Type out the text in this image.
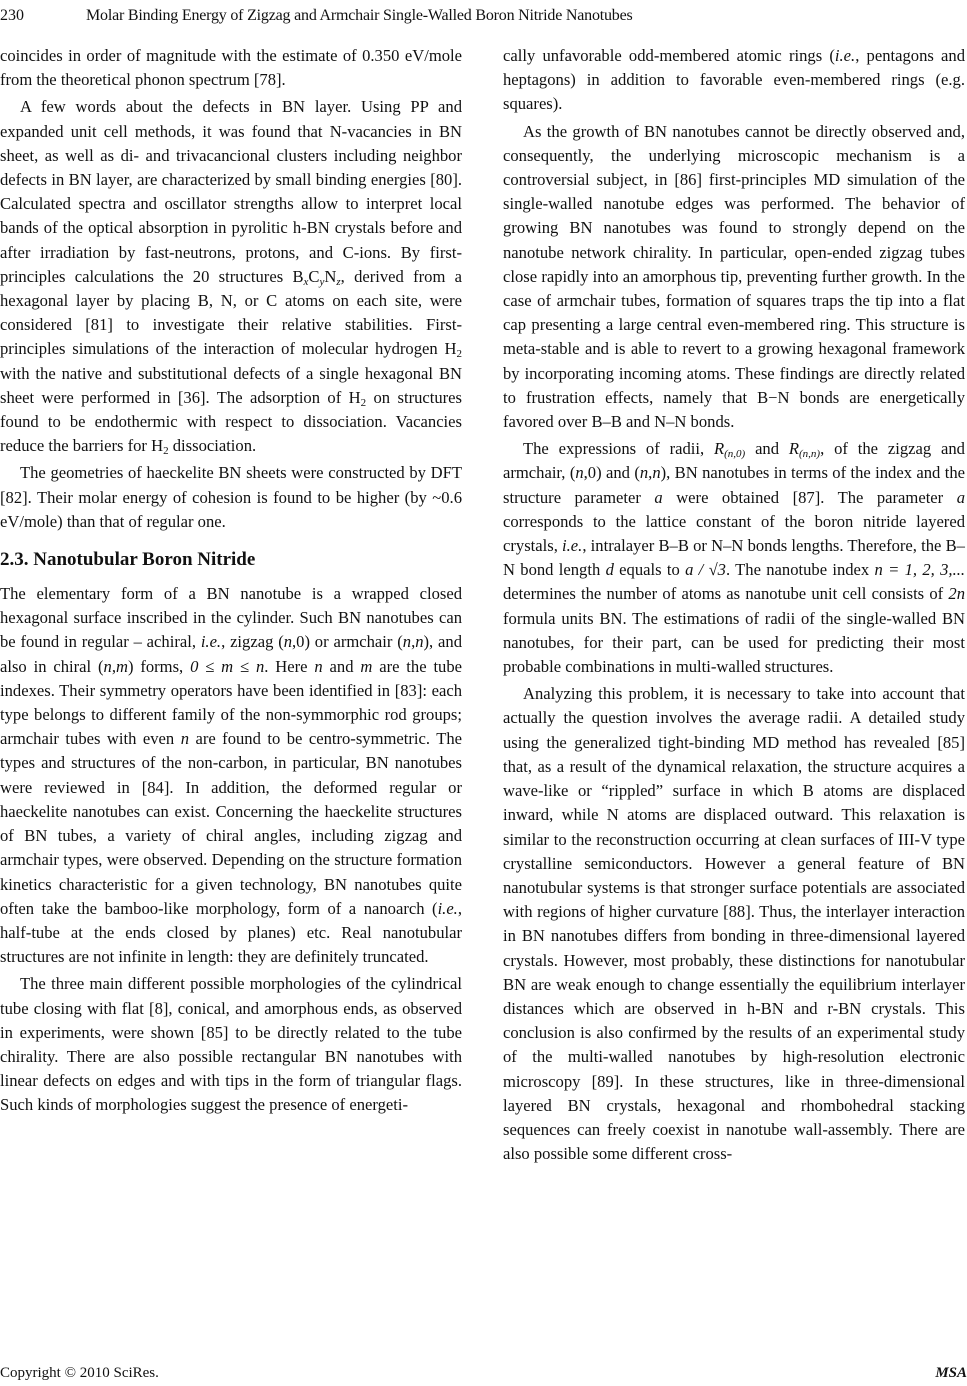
230	Molar Binding Energy of Zigzag and Armchair Single-Walled Boron Nitride Nanotubes

coincides in order of magnitude with the estimate of 0.350 eV/mole from the theoretical phonon spectrum [78].

A few words about the defects in BN layer. Using PP and expanded unit cell methods, it was found that N-vacancies in BN sheet, as well as di- and trivacancional clusters including neighbor defects in BN layer, are characterized by small binding energies [80]. Calculated spectra and oscillator strengths allow to interpret local bands of the optical absorption in pyrolitic h-BN crystals before and after irradiation by fast-neutrons, protons, and C-ions. By first-principles calculations the 20 structures $B_xC_yN_z$, derived from a hexagonal layer by placing B, N, or C atoms on each site, were considered [81] to investigate their relative stabilities. First-principles simulations of the interaction of molecular hydrogen $H_2$ with the native and substitutional defects of a single hexagonal BN sheet were performed in [36]. The adsorption of $H_2$ on structures found to be endothermic with respect to dissociation. Vacancies reduce the barriers for $H_2$ dissociation.

The geometries of haeckelite BN sheets were constructed by DFT [82]. Their molar energy of cohesion is found to be higher (by ~0.6 eV/mole) than that of regular one.

2.3. Nanotubular Boron Nitride

The elementary form of a BN nanotube is a wrapped closed hexagonal surface inscribed in the cylinder. Such BN nanotubes can be found in regular – achiral, i.e., zigzag (n,0) or armchair (n,n), and also in chiral (n,m) forms, 0 ≤ m ≤ n. Here n and m are the tube indexes. Their symmetry operators have been identified in [83]: each type belongs to different family of the non-symmorphic rod groups; armchair tubes with even n are found to be centro-symmetric. The types and structures of the non-carbon, in particular, BN nanotubes were reviewed in [84]. In addition, the deformed regular or haeckelite nanotubes can exist. Concerning the haeckelite structures of BN tubes, a variety of chiral angles, including zigzag and armchair types, were observed. Depending on the structure formation kinetics characteristic for a given technology, BN nanotubes quite often take the bamboo-like morphology, form of a nanoarch (i.e., half-tube at the ends closed by planes) etc. Real nanotubular structures are not infinite in length: they are definitely truncated.

The three main different possible morphologies of the cylindrical tube closing with flat [8], conical, and amorphous ends, as observed in experiments, were shown [85] to be directly related to the tube chirality. There are also possible rectangular BN nanotubes with linear defects on edges and with tips in the form of triangular flags. Such kinds of morphologies suggest the presence of energeti-

cally unfavorable odd-membered atomic rings (i.e., pentagons and heptagons) in addition to favorable even-membered rings (e.g. squares).

As the growth of BN nanotubes cannot be directly observed and, consequently, the underlying microscopic mechanism is a controversial subject, in [86] first-principles MD simulation of the single-walled nanotube edges was performed. The behavior of growing BN nanotubes was found to strongly depend on the nanotube network chirality. In particular, open-ended zigzag tubes close rapidly into an amorphous tip, preventing further growth. In the case of armchair tubes, formation of squares traps the tip into a flat cap presenting a large central even-membered ring. This structure is meta-stable and is able to revert to a growing hexagonal framework by incorporating incoming atoms. These findings are directly related to frustration effects, namely that B−N bonds are energetically favored over B–B and N–N bonds.

The expressions of radii, $R_{(n,0)}$ and $R_{(n,n)}$, of the zigzag and armchair, (n,0) and (n,n), BN nanotubes in terms of the index and the structure parameter a were obtained [87]. The parameter a corresponds to the lattice constant of the boron nitride layered crystals, i.e., intralayer B–B or N–N bonds lengths. Therefore, the B–N bond length d equals to a / √3. The nanotube index n = 1, 2, 3,... determines the number of atoms as nanotube unit cell consists of 2n formula units BN. The estimations of radii of the single-walled BN nanotubes, for their part, can be used for predicting their most probable combinations in multi-walled structures.

Analyzing this problem, it is necessary to take into account that actually the question involves the average radii. A detailed study using the generalized tight-binding MD method has revealed [85] that, as a result of the dynamical relaxation, the structure acquires a wave-like or “rippled” surface in which B atoms are displaced inward, while N atoms are displaced outward. This relaxation is similar to the reconstruction occurring at clean surfaces of III-V type crystalline semiconductors. However a general feature of BN nanotubular systems is that stronger surface potentials are associated with regions of higher curvature [88]. Thus, the interlayer interaction in BN nanotubes differs from bonding in three-dimensional layered crystals. However, most probably, these distinctions for nanotubular BN are weak enough to change essentially the equilibrium interlayer distances which are observed in h-BN and r-BN crystals. This conclusion is also confirmed by the results of an experimental study of the multi-walled nanotubes by high-resolution electronic microscopy [89]. In these structures, like in three-dimensional layered BN crystals, hexagonal and rhombohedral stacking sequences can freely coexist in nanotube wall-assembly. There are also possible some different cross-

Copyright © 2010 SciRes.	MSA
